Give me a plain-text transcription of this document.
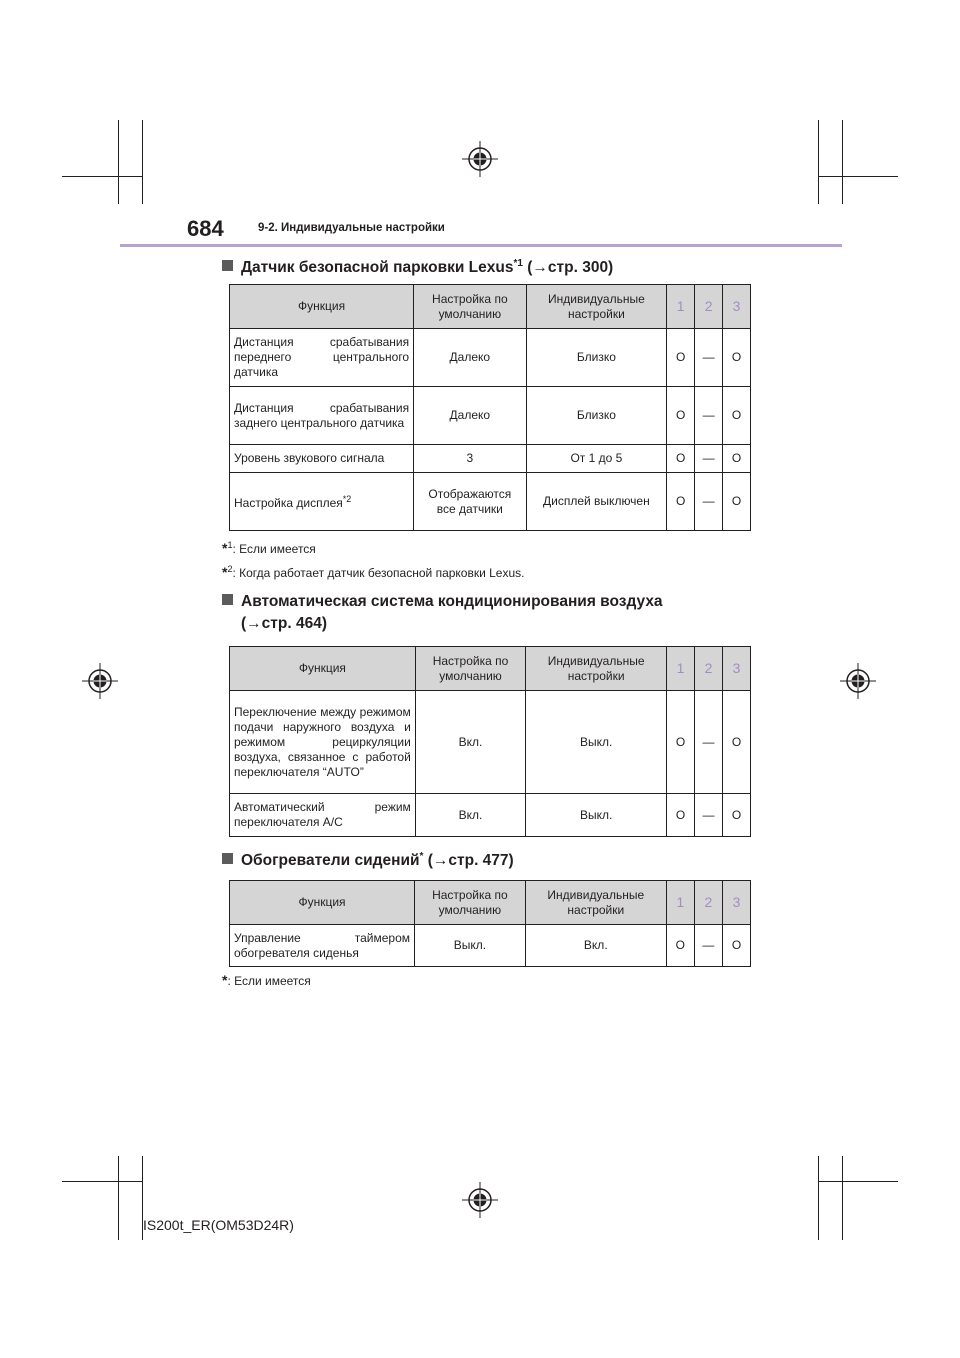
684	9-2. Индивидуальные настройки
Датчик безопасной парковки Lexus$^{*1}$ (→стр. 300)
Функция	Настройка по умолчанию	Индивидуальные настройки	1	2	3
Дистанция срабатывания переднего центрального датчика	Далеко	Близко	O	—	O
Дистанция срабатывания заднего центрального датчика	Далеко	Близко	O	—	O
Уровень звукового сигнала	3	От 1 до 5	O	—	O
Настройка дисплея$^{*2}$	Отображаются все датчики	Дисплей выключен	O	—	O
*$^1$: Если имеется
*$^2$: Когда работает датчик безопасной парковки Lexus.
Автоматическая система кондиционирования воздуха
(→стр. 464)
Функция	Настройка по умолчанию	Индивидуальные настройки	1	2	3
Переключение между режимом подачи наружного воздуха и режимом рециркуляции воздуха, связанное с работой переключателя “AUTO”	Вкл.	Выкл.	O	—	O
Автоматический режим переключателя A/C	Вкл.	Выкл.	O	—	O
Обогреватели сидений* (→стр. 477)
Функция	Настройка по умолчанию	Индивидуальные настройки	1	2	3
Управление таймером обогревателя сиденья	Выкл.	Вкл.	O	—	O
*: Если имеется
IS200t_ER(OM53D24R)
